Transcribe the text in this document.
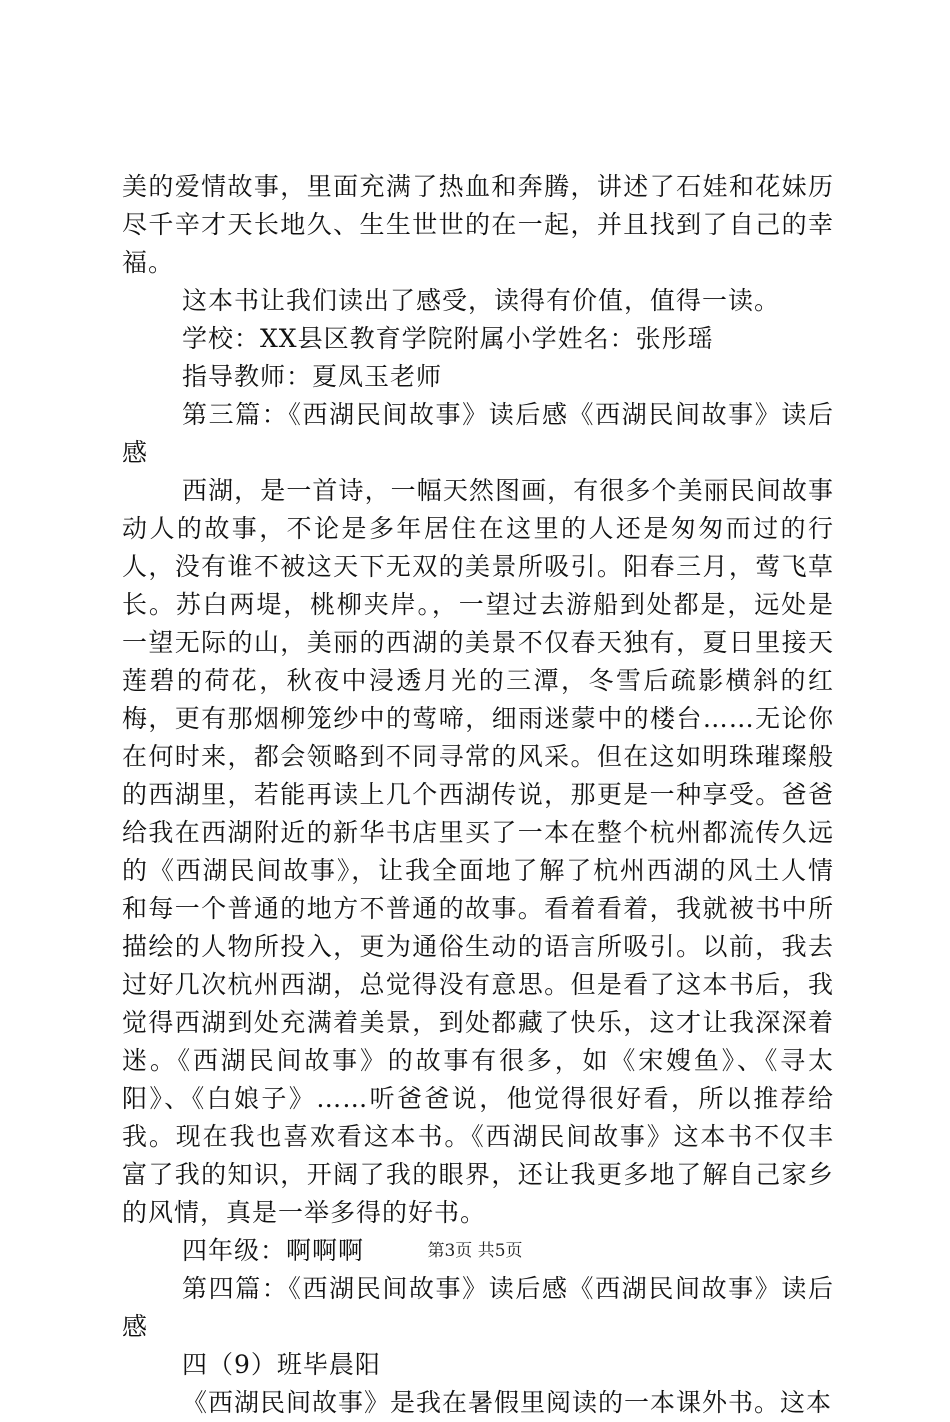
美的爱情故事，里面充满了热血和奔腾，讲述了石娃和花妹历尽千辛才天长地久、生生世世的在一起，并且找到了自己的幸福。

这本书让我们读出了感受，读得有价值，值得一读。

学校：XX县区教育学院附属小学姓名：张彤瑶

指导教师：夏凤玉老师

第三篇：《西湖民间故事》读后感《西湖民间故事》读后感

西湖，是一首诗，一幅天然图画，有很多个美丽民间故事动人的故事，不论是多年居住在这里的人还是匆匆而过的行人，没有谁不被这天下无双的美景所吸引。阳春三月，莺飞草长。苏白两堤，桃柳夹岸。，一望过去游船到处都是，远处是一望无际的山，美丽的西湖的美景不仅春天独有，夏日里接天莲碧的荷花，秋夜中浸透月光的三潭，冬雪后疏影横斜的红梅，更有那烟柳笼纱中的莺啼，细雨迷蒙中的楼台……无论你在何时来，都会领略到不同寻常的风采。但在这如明珠璀璨般的西湖里，若能再读上几个西湖传说，那更是一种享受。爸爸给我在西湖附近的新华书店里买了一本在整个杭州都流传久远的《西湖民间故事》，让我全面地了解了杭州西湖的风土人情和每一个普通的地方不普通的故事。看着看着，我就被书中所描绘的人物所投入，更为通俗生动的语言所吸引。以前，我去过好几次杭州西湖，总觉得没有意思。但是看了这本书后，我觉得西湖到处充满着美景，到处都藏了快乐，这才让我深深着迷。《西湖民间故事》的故事有很多，如《宋嫂鱼》、《寻太阳》、《白娘子》……听爸爸说，他觉得很好看，所以推荐给我。现在我也喜欢看这本书。《西湖民间故事》这本书不仅丰富了我的知识，开阔了我的眼界，还让我更多地了解自己家乡的风情，真是一举多得的好书。

四年级：啊啊啊

第四篇：《西湖民间故事》读后感《西湖民间故事》读后感

四（9）班毕晨阳

《西湖民间故事》是我在暑假里阅读的一本课外书。这本

第3页 共5页
